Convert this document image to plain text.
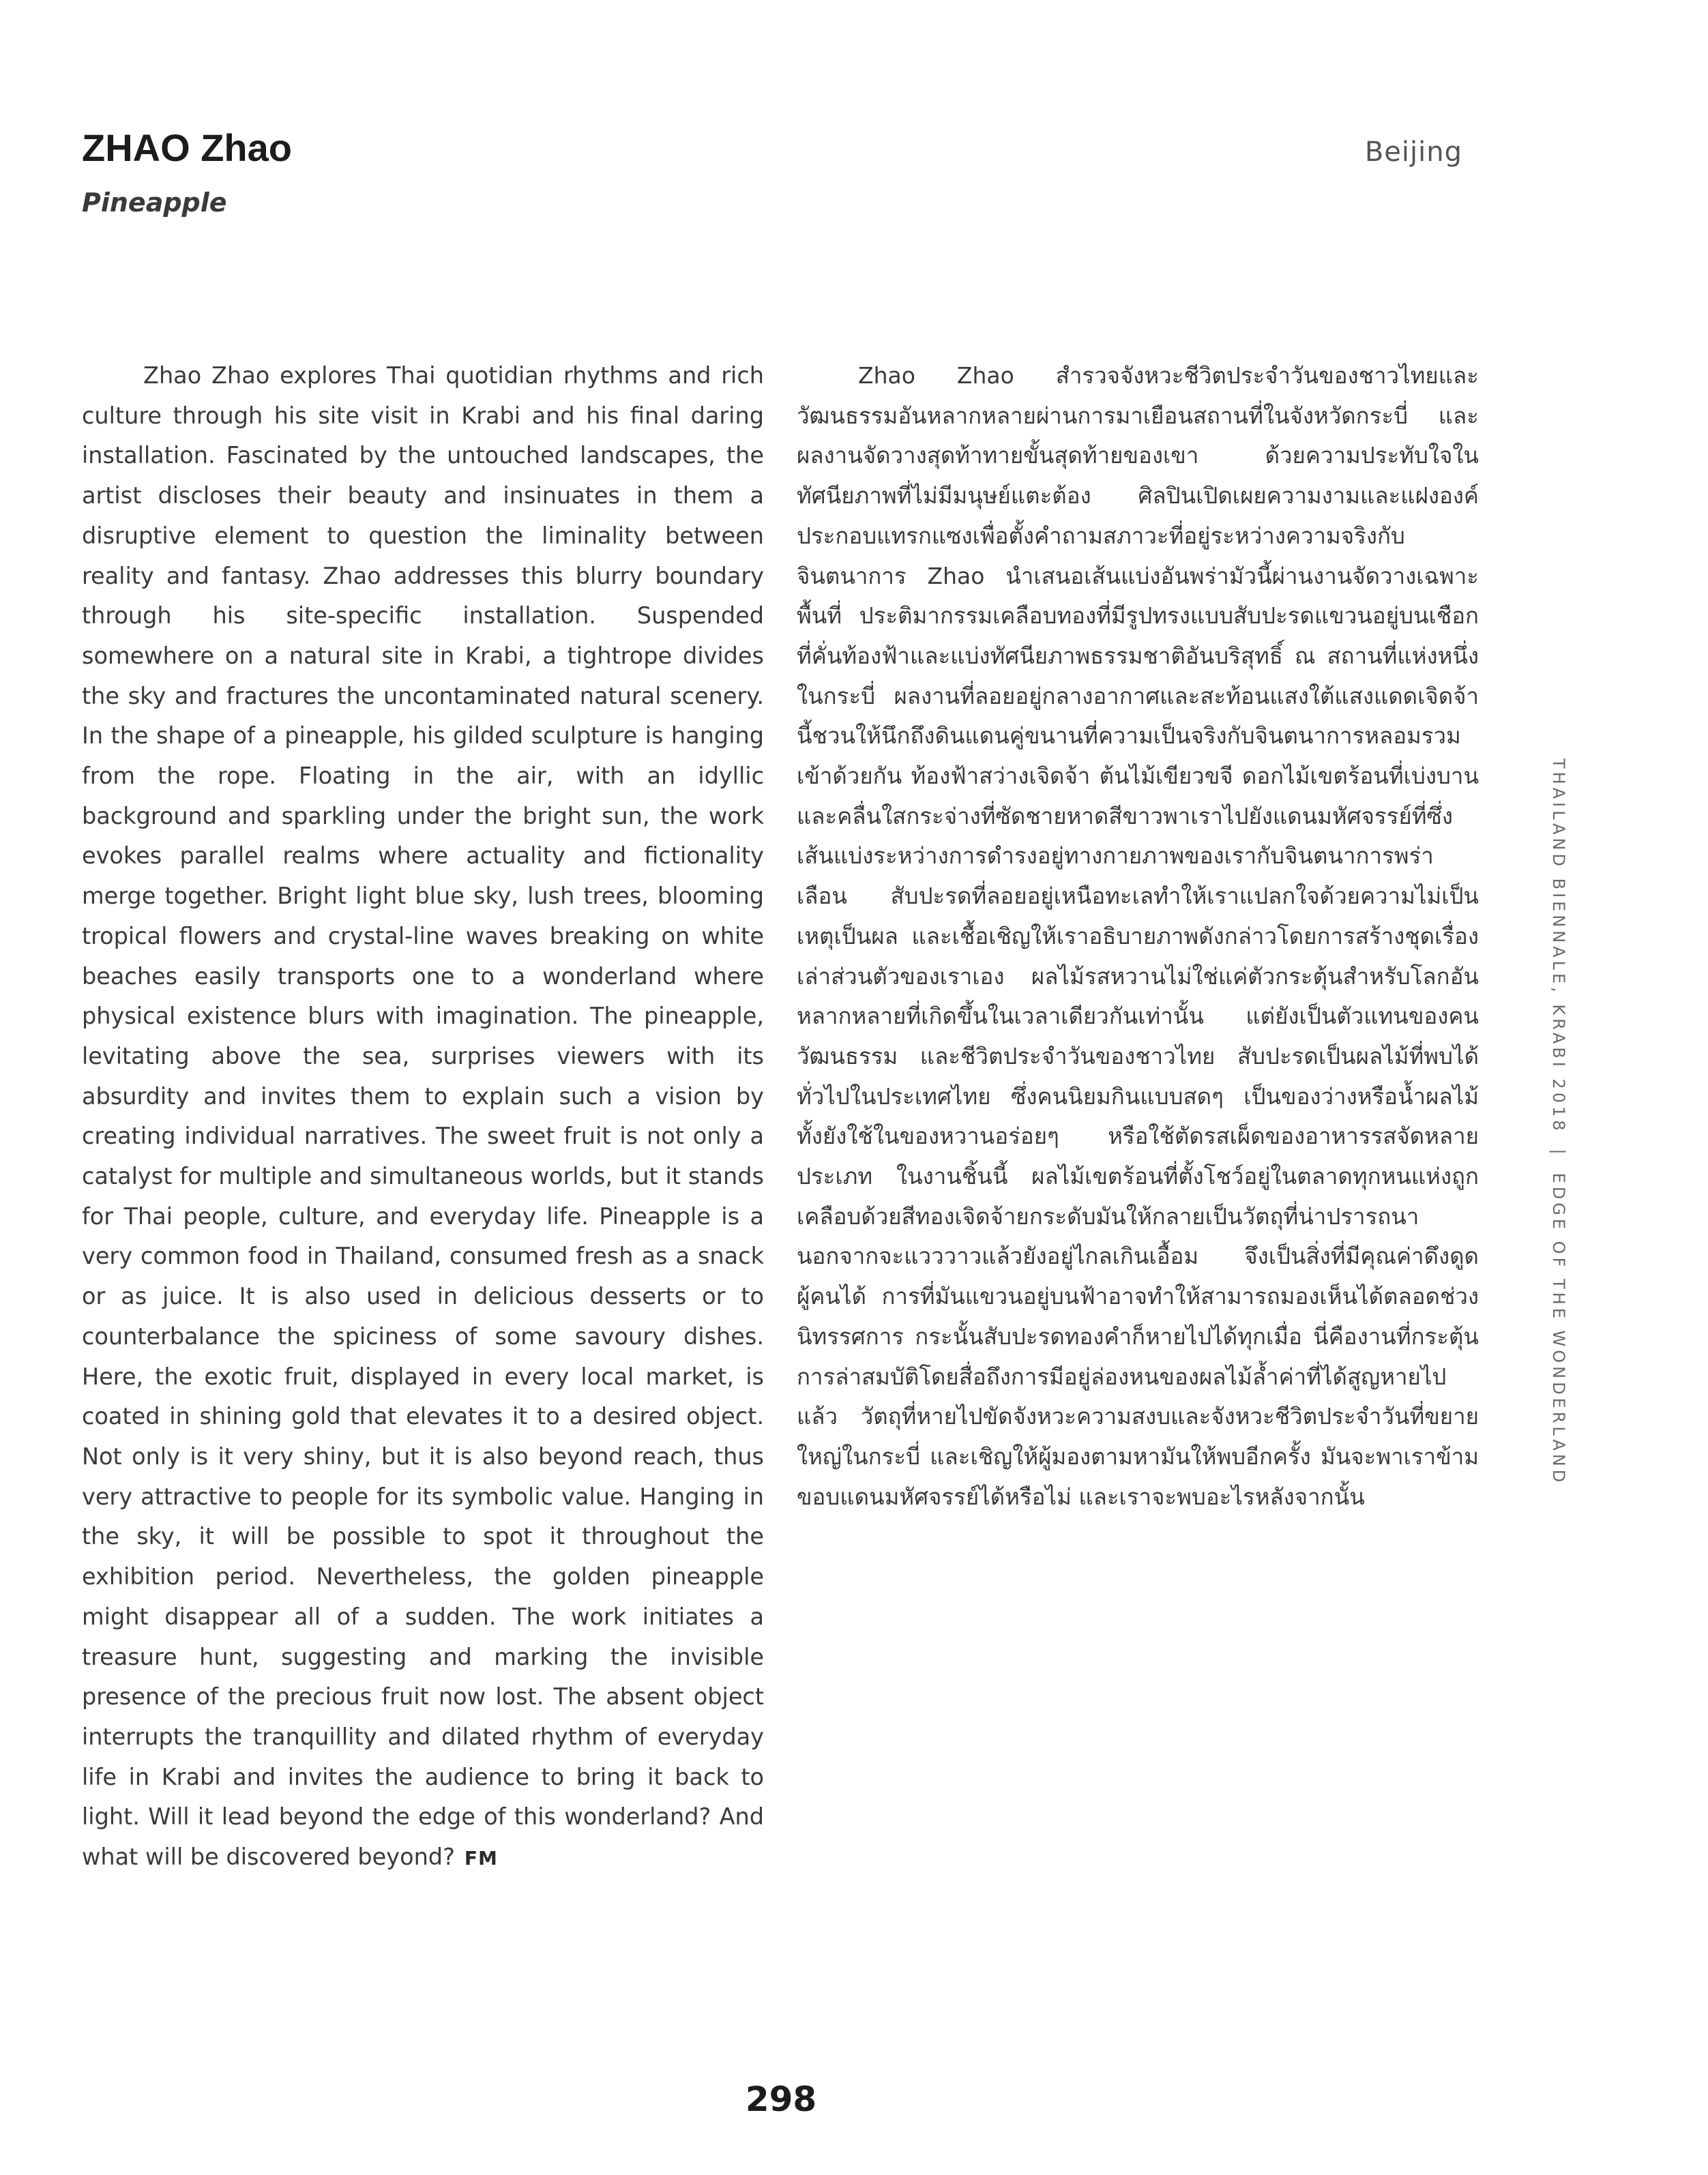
ZHAO Zhao
Pineapple
Beijing

Zhao Zhao explores Thai quotidian rhythms and rich culture through his site visit in Krabi and his final daring installation. Fascinated by the untouched landscapes, the artist discloses their beauty and insinuates in them a disruptive element to question the liminality between reality and fantasy. Zhao addresses this blurry boundary through his site-specific installation. Suspended somewhere on a natural site in Krabi, a tightrope divides the sky and fractures the uncontaminated natural scenery. In the shape of a pineapple, his gilded sculpture is hanging from the rope. Floating in the air, with an idyllic background and sparkling under the bright sun, the work evokes parallel realms where actuality and fictionality merge together. Bright light blue sky, lush trees, blooming tropical flowers and crystal-line waves breaking on white beaches easily transports one to a wonderland where physical existence blurs with imagination. The pineapple, levitating above the sea, surprises viewers with its absurdity and invites them to explain such a vision by creating individual narratives. The sweet fruit is not only a catalyst for multiple and simultaneous worlds, but it stands for Thai people, culture, and everyday life. Pineapple is a very common food in Thailand, consumed fresh as a snack or as juice. It is also used in delicious desserts or to counterbalance the spiciness of some savoury dishes. Here, the exotic fruit, displayed in every local market, is coated in shining gold that elevates it to a desired object. Not only is it very shiny, but it is also beyond reach, thus very attractive to people for its symbolic value. Hanging in the sky, it will be possible to spot it throughout the exhibition period. Nevertheless, the golden pineapple might disappear all of a sudden. The work initiates a treasure hunt, suggesting and marking the invisible presence of the precious fruit now lost. The absent object interrupts the tranquillity and dilated rhythm of everyday life in Krabi and invites the audience to bring it back to light. Will it lead beyond the edge of this wonderland? And what will be discovered beyond? FM

Zhao Zhao สำรวจจังหวะชีวิตประจำวันของชาวไทยและวัฒนธรรมอันหลากหลายผ่านการมาเยือนสถานที่ในจังหวัดกระบี่ และผลงานจัดวางสุดท้าทายขั้นสุดท้ายของเขา ด้วยความประทับใจในทัศนียภาพที่ไม่มีมนุษย์แตะต้อง ศิลปินเปิดเผยความงามและแฝงองค์ประกอบแทรกแซงเพื่อตั้งคำถามสภาวะที่อยู่ระหว่างความจริงกับจินตนาการ Zhao นำเสนอเส้นแบ่งอันพร่ามัวนี้ผ่านงานจัดวางเฉพาะพื้นที่ ประติมากรรมเคลือบทองที่มีรูปทรงแบบสับปะรดแขวนอยู่บนเชือกที่คั่นท้องฟ้าและแบ่งทัศนียภาพธรรมชาติอันบริสุทธิ์ ณ สถานที่แห่งหนึ่งในกระบี่ ผลงานที่ลอยอยู่กลางอากาศและสะท้อนแสงใต้แสงแดดเจิดจ้านี้ชวนให้นึกถึงดินแดนคู่ขนานที่ความเป็นจริงกับจินตนาการหลอมรวมเข้าด้วยกัน ท้องฟ้าสว่างเจิดจ้า ต้นไม้เขียวขจี ดอกไม้เขตร้อนที่เบ่งบาน และคลื่นใสกระจ่างที่ซัดชายหาดสีขาวพาเราไปยังแดนมหัศจรรย์ที่ซึ่งเส้นแบ่งระหว่างการดำรงอยู่ทางกายภาพของเรากับจินตนาการพร่าเลือน สับปะรดที่ลอยอยู่เหนือทะเลทำให้เราแปลกใจด้วยความไม่เป็นเหตุเป็นผล และเชื้อเชิญให้เราอธิบายภาพดังกล่าวโดยการสร้างชุดเรื่องเล่าส่วนตัวของเราเอง ผลไม้รสหวานไม่ใช่แค่ตัวกระตุ้นสำหรับโลกอันหลากหลายที่เกิดขึ้นในเวลาเดียวกันเท่านั้น แต่ยังเป็นตัวแทนของคน วัฒนธรรม และชีวิตประจำวันของชาวไทย สับปะรดเป็นผลไม้ที่พบได้ทั่วไปในประเทศไทย ซึ่งคนนิยมกินแบบสดๆ เป็นของว่างหรือน้ำผลไม้ ทั้งยังใช้ในของหวานอร่อยๆ หรือใช้ตัดรสเผ็ดของอาหารรสจัดหลายประเภท ในงานชิ้นนี้ ผลไม้เขตร้อนที่ตั้งโชว์อยู่ในตลาดทุกหนแห่งถูกเคลือบด้วยสีทองเจิดจ้ายกระดับมันให้กลายเป็นวัตถุที่น่าปรารถนา นอกจากจะแวววาวแล้วยังอยู่ไกลเกินเอื้อม จึงเป็นสิ่งที่มีคุณค่าดึงดูดผู้คนได้ การที่มันแขวนอยู่บนฟ้าอาจทำให้สามารถมองเห็นได้ตลอดช่วงนิทรรศการ กระนั้นสับปะรดทองคำก็หายไปได้ทุกเมื่อ นี่คืองานที่กระตุ้นการล่าสมบัติโดยสื่อถึงการมีอยู่ล่องหนของผลไม้ล้ำค่าที่ได้สูญหายไปแล้ว วัตถุที่หายไปขัดจังหวะความสงบและจังหวะชีวิตประจำวันที่ขยายใหญ่ในกระบี่ และเชิญให้ผู้มองตามหามันให้พบอีกครั้ง มันจะพาเราข้ามขอบแดนมหัศจรรย์ได้หรือไม่ และเราจะพบอะไรหลังจากนั้น

THAILAND BIENNALE, KRABI 2018|EDGE OF THE WONDERLAND
298
